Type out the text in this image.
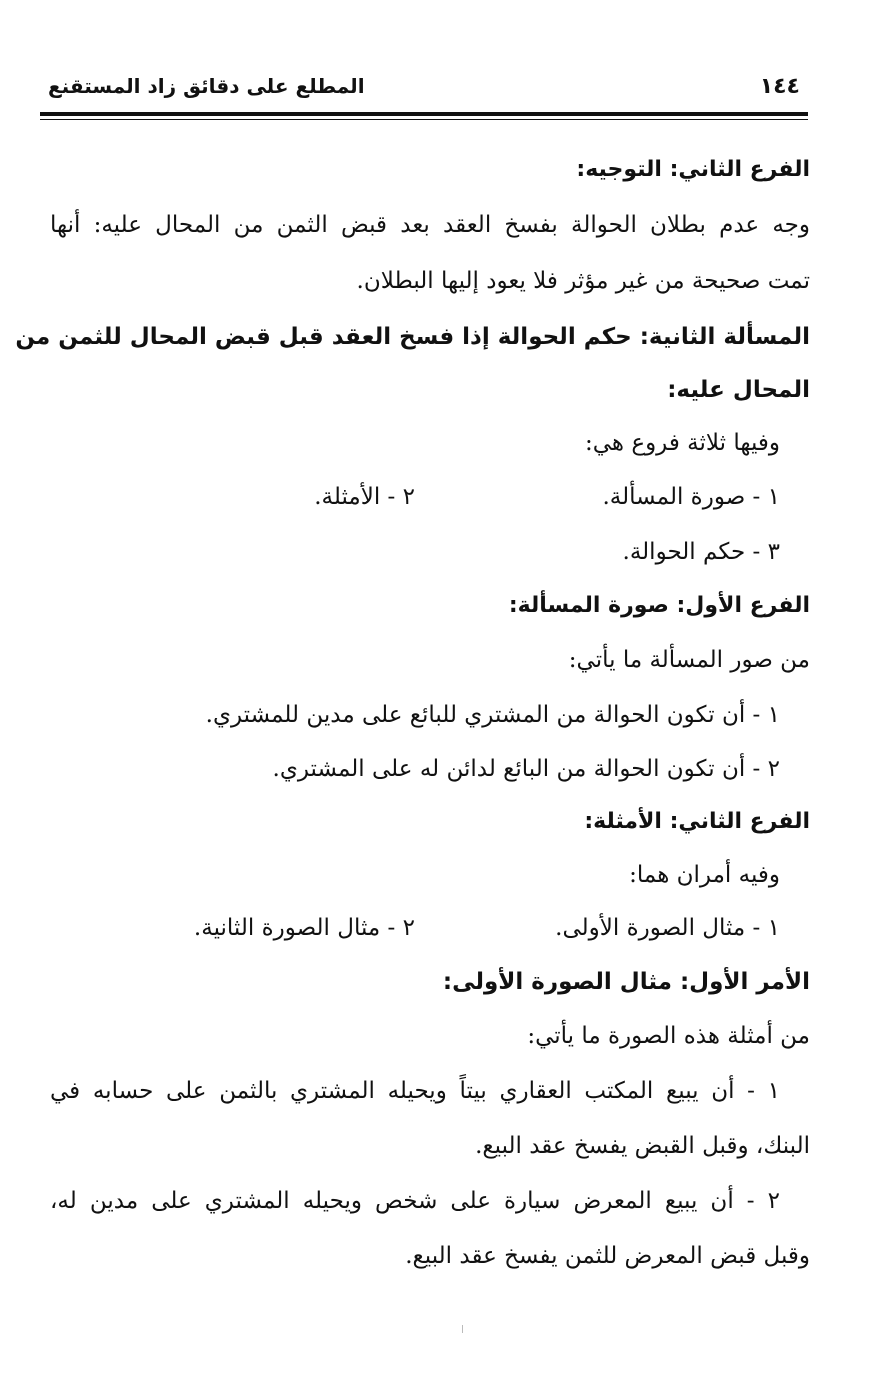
١٤٤
المطلع على دقائق زاد المستقنع
الفرع الثاني: التوجيه:
وجه عدم بطلان الحوالة بفسخ العقد بعد قبض الثمن من المحال عليه: أنها
تمت صحيحة من غير مؤثر فلا يعود إليها البطلان.
المسألة الثانية: حكم الحوالة إذا فسخ العقد قبل قبض المحال للثمن من
المحال عليه:
وفيها ثلاثة فروع هي:
١ - صورة المسألة.
٢ - الأمثلة.
٣ - حكم الحوالة.
الفرع الأول: صورة المسألة:
من صور المسألة ما يأتي:
١ - أن تكون الحوالة من المشتري للبائع على مدين للمشتري.
٢ - أن تكون الحوالة من البائع لدائن له على المشتري.
الفرع الثاني: الأمثلة:
وفيه أمران هما:
١ - مثال الصورة الأولى.
٢ - مثال الصورة الثانية.
الأمر الأول: مثال الصورة الأولى:
من أمثلة هذه الصورة ما يأتي:
١ - أن يبيع المكتب العقاري بيتاً ويحيله المشتري بالثمن على حسابه في
البنك، وقبل القبض يفسخ عقد البيع.
٢ - أن يبيع المعرض سيارة على شخص ويحيله المشتري على مدين له،
وقبل قبض المعرض للثمن يفسخ عقد البيع.
